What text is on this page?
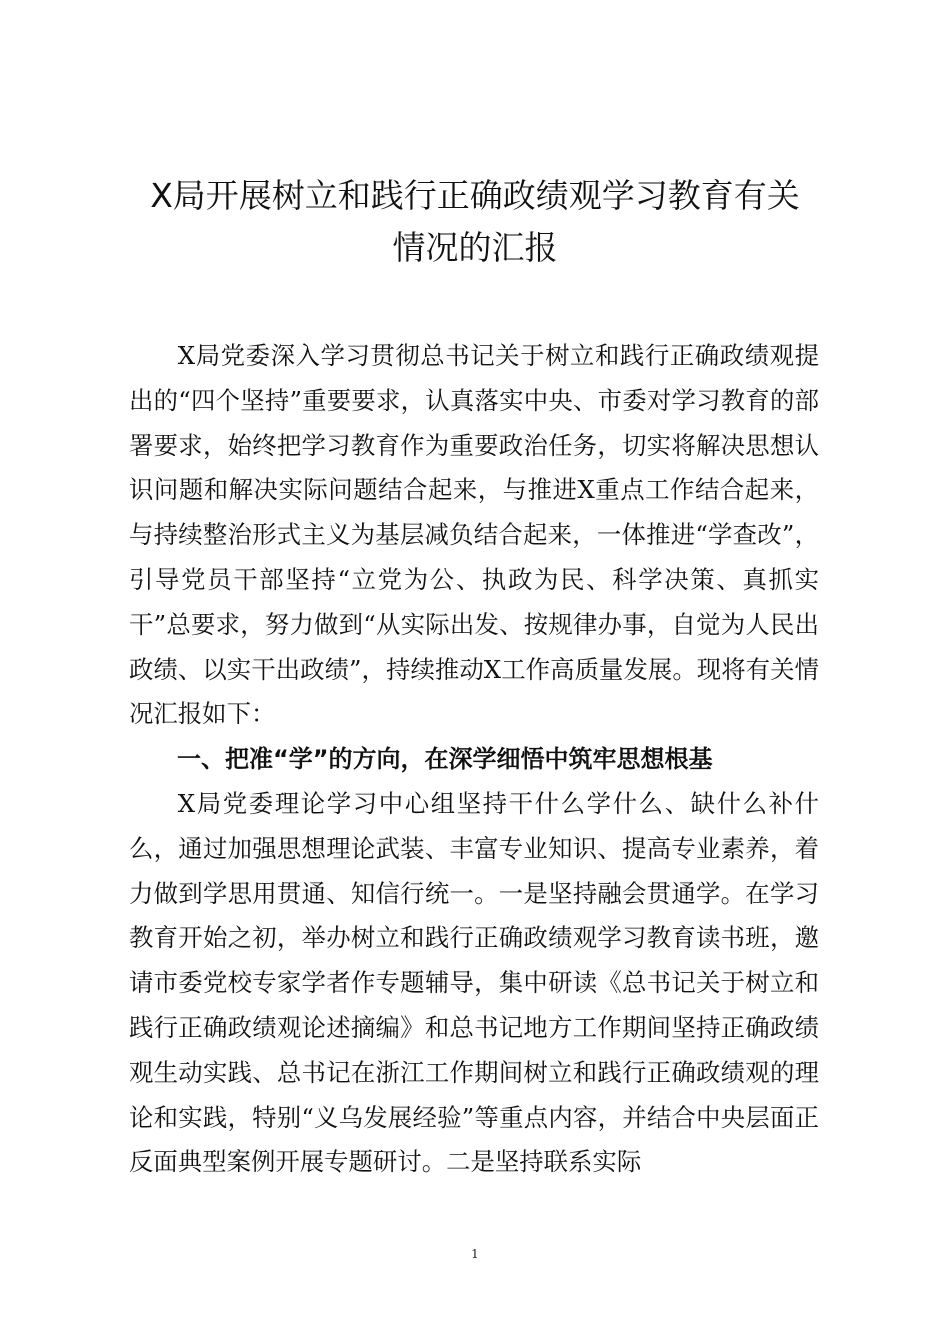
X局开展树立和践行正确政绩观学习教育有关
情况的汇报

X局党委深入学习贯彻总书记关于树立和践行正确政绩观提出的“四个坚持”重要要求，认真落实中央、市委对学习教育的部署要求，始终把学习教育作为重要政治任务，切实将解决思想认识问题和解决实际问题结合起来，与推进X重点工作结合起来，与持续整治形式主义为基层减负结合起来，一体推进“学查改”，引导党员干部坚持“立党为公、执政为民、科学决策、真抓实干”总要求，努力做到“从实际出发、按规律办事，自觉为人民出政绩、以实干出政绩”，持续推动X工作高质量发展。现将有关情况汇报如下：

一、把准“学”的方向，在深学细悟中筑牢思想根基

X局党委理论学习中心组坚持干什么学什么、缺什么补什么，通过加强思想理论武装、丰富专业知识、提高专业素养，着力做到学思用贯通、知信行统一。一是坚持融会贯通学。在学习教育开始之初，举办树立和践行正确政绩观学习教育读书班，邀请市委党校专家学者作专题辅导，集中研读《总书记关于树立和践行正确政绩观论述摘编》和总书记地方工作期间坚持正确政绩观生动实践、总书记在浙江工作期间树立和践行正确政绩观的理论和实践，特别“义乌发展经验”等重点内容，并结合中央层面正反面典型案例开展专题研讨。二是坚持联系实际

1
